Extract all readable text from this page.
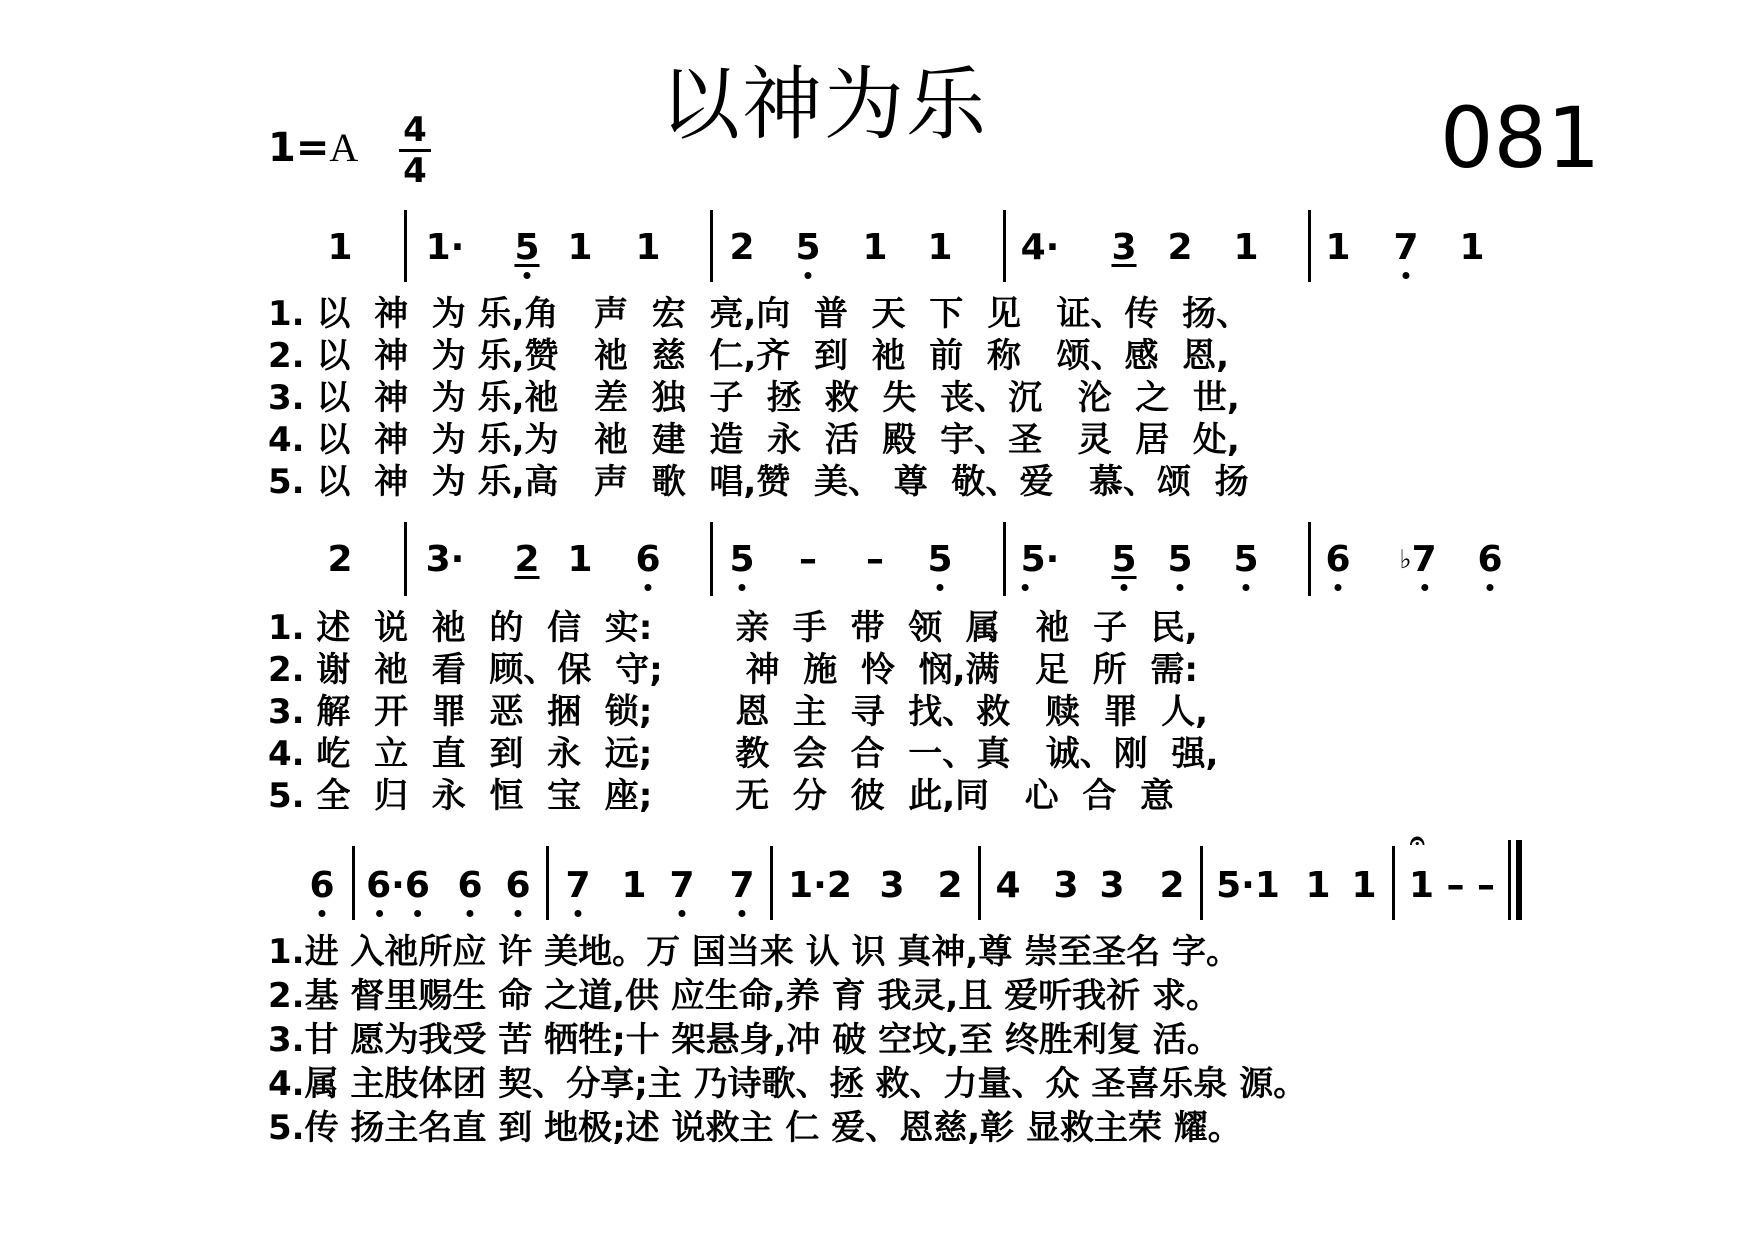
以神为乐	081
1=A 4
4
1 1· 5 1 1 2 5 1 1 4· 3 2 1 1 7 1
1. 以  神  为 乐,角   声  宏  亮,向  普  天  下  见   证、传  扬、
2. 以  神  为 乐,赞   祂  慈  仁,齐  到  祂  前  称   颂、感  恩,
3. 以  神  为 乐,祂   差  独  子  拯  救  失  丧、沉   沦  之  世,
4. 以  神  为 乐,为   祂  建  造  永  活  殿  宇、圣   灵  居  处,
5. 以  神  为 乐,高   声  歌  唱,赞  美、 尊  敬、爱   慕、颂  扬
2 3· 2 1 6 5 – – 5 5· 5 5 5 6 ♭7 6
1. 述  说  祂  的  信  实:       亲  手  带  领  属   祂  子  民,
2. 谢  祂  看  顾、保  守;       神  施  怜  悯,满   足  所  需:
3. 解  开  罪  恶  捆  锁;       恩  主  寻  找、救   赎  罪  人,
4. 屹  立  直  到  永  远;       教  会  合  一、真   诚、刚  强,
5. 全  归  永  恒  宝  座;       无  分  彼  此,同   心  合  意
𝄐
6 6·6 6 6 7 1 7 7 1·2 3 2 4 3 3 2 5·1 1 1 1 – –
1.进 入祂所应 许 美地。万 国当来 认 识 真神,尊 崇至圣名 字。
2.基 督里赐生 命 之道,供 应生命,养 育 我灵,且 爱听我祈 求。
3.甘 愿为我受 苦 牺牲;十 架悬身,冲 破 空坟,至 终胜利复 活。
4.属 主肢体团 契、分享;主 乃诗歌、拯 救、力量、众 圣喜乐泉 源。
5.传 扬主名直 到 地极;述 说救主 仁 爱、恩慈,彰 显救主荣 耀。
